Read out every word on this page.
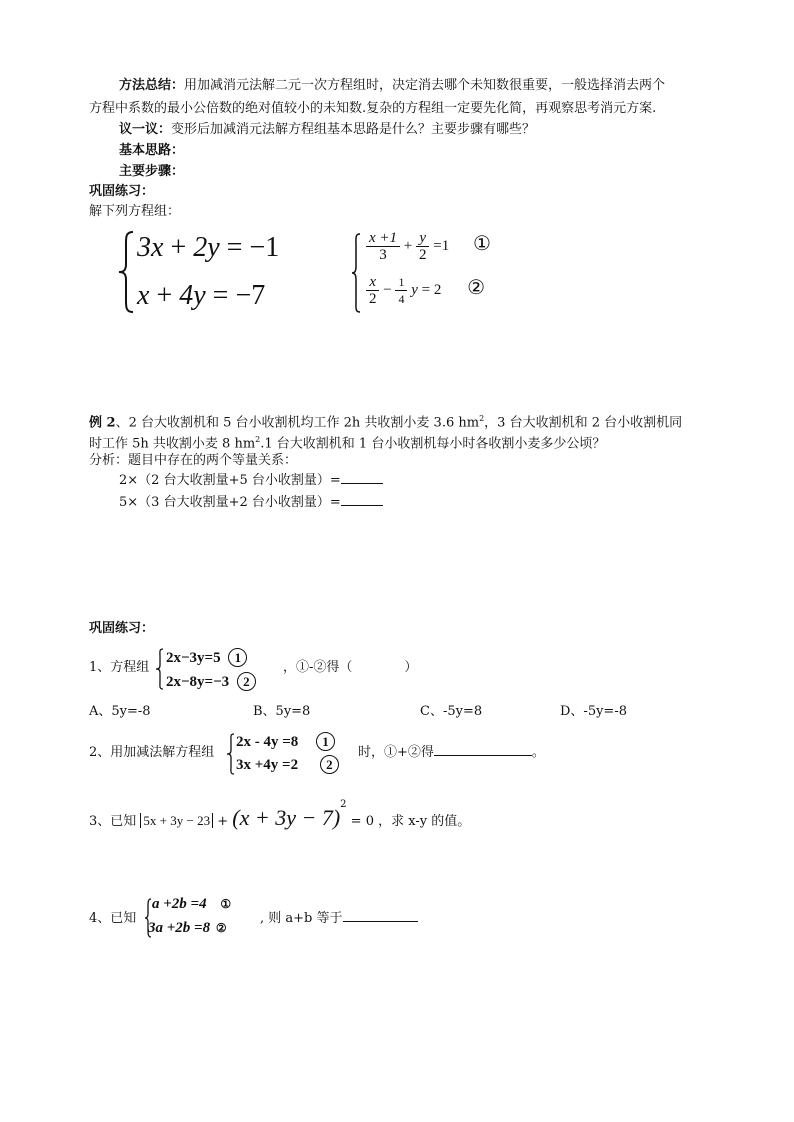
方法总结：用加减消元法解二元一次方程组时，决定消去哪个未知数很重要，一般选择消去两个
方程中系数的最小公倍数的绝对值较小的未知数.复杂的方程组一定要先化简，再观察思考消元方案.
议一议：变形后加减消元法解方程组基本思路是什么？主要步骤有哪些？
基本思路：
主要步骤：
巩固练习：
解下列方程组：
3x + 2y = −1
x + 4y = −7
$\frac{x +1}{3} + \frac{y}{2} =1$ ①
$\frac{x}{2} - \frac{1}{4}$ y = 2 ②
例 2、2 台大收割机和 5 台小收割机均工作 2h 共收割小麦 3.6 $hm^2$，3 台大收割机和 2 台小收割机同
时工作 5h 共收割小麦 8 $hm^2.1$ 台大收割机和 1 台小收割机每小时各收割小麦多少公顷？
分析：题目中存在的两个等量关系：
2×（2 台大收割量+5 台小收割量）=
5×（3 台大收割量+2 台小收割量）=
巩固练习：
1、方程组
2x−3y=5 1
2x−8y=−3 2
，①-②得（　　　　）
A、5y=-8	B、5y=8	C、-5y=8	D、-5y=-8
2、用加减法解方程组
2x - 4y =8 1
3x +4y =2 2
时，①+②得	。
3、已知 $5x + 3y - 23 + (x + 3y - 7)^2 = 0$ ，求 x-y 的值。
4、已知
a +2b =4 ①
3a +2b =8 ②
, 则 a+b 等于
